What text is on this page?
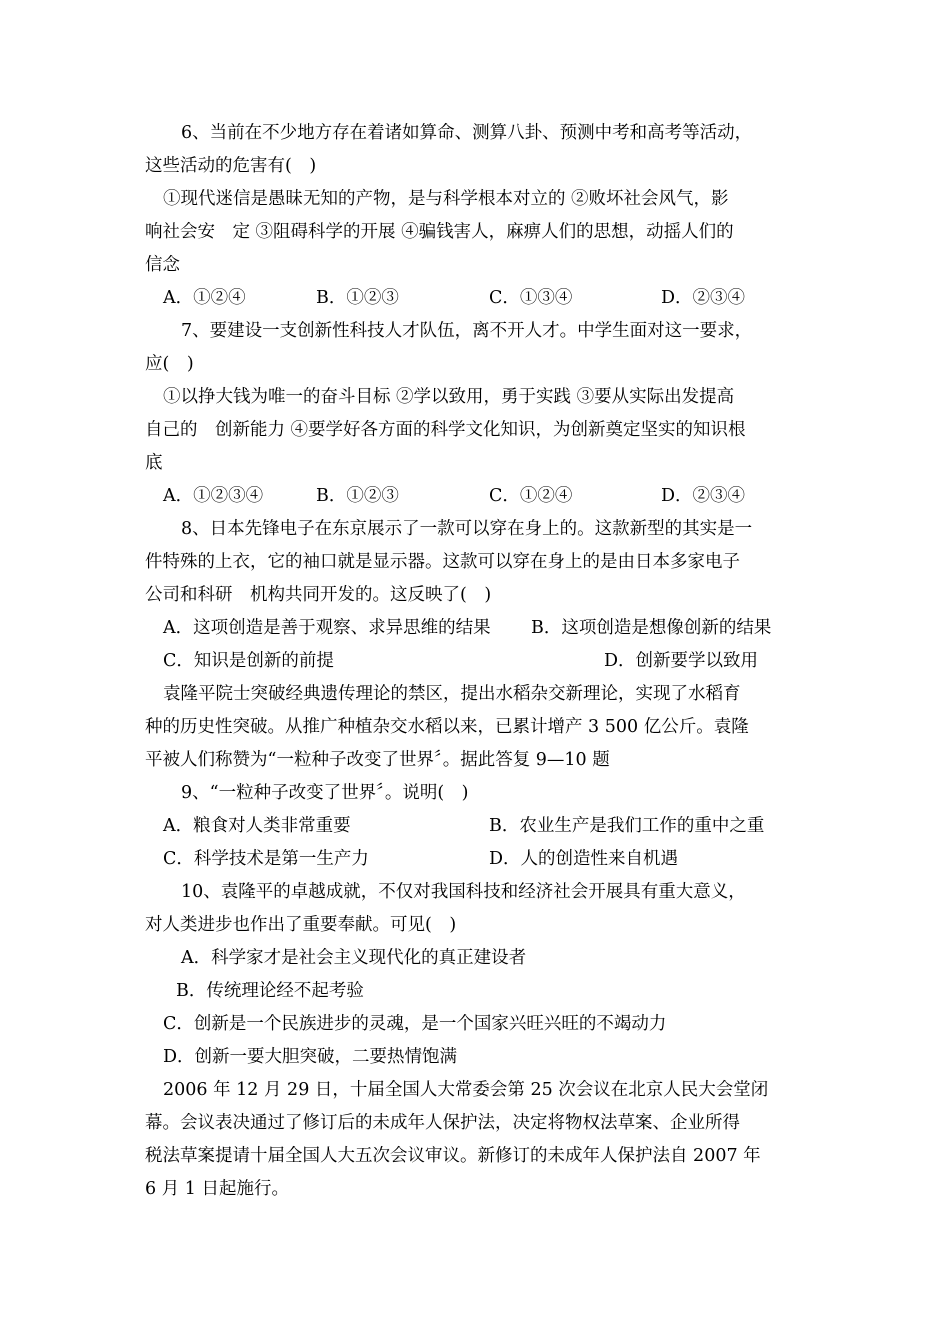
6、当前在不少地方存在着诸如算命、测算八卦、预测中考和高考等活动，
这些活动的危害有(　)
①现代迷信是愚昧无知的产物，是与科学根本对立的 ②败坏社会风气，影
响社会安　定 ③阻碍科学的开展 ④骗钱害人，麻痹人们的思想，动摇人们的
信念
A．①②④	B．①②③	C．①③④	D．②③④
7、要建设一支创新性科技人才队伍，离不开人才。中学生面对这一要求，
应(　)
①以挣大钱为唯一的奋斗目标 ②学以致用，勇于实践 ③要从实际出发提高
自己的　创新能力 ④要学好各方面的科学文化知识，为创新奠定坚实的知识根
底
A．①②③④	B．①②③	C．①②④	D．②③④
8、日本先锋电子在东京展示了一款可以穿在身上的。这款新型的其实是一
件特殊的上衣，它的袖口就是显示器。这款可以穿在身上的是由日本多家电子
公司和科研　机构共同开发的。这反映了(　)
A．这项创造是善于观察、求异思维的结果 B．这项创造是想像创新的结果
C．知识是创新的前提	D．创新要学以致用
袁隆平院士突破经典遗传理论的禁区，提出水稻杂交新理论，实现了水稻育
种的历史性突破。从推广种植杂交水稻以来，已累计增产 3 500 亿公斤。袁隆
平被人们称赞为“一粒种子改变了世界〞。据此答复 9—10 题
9、“一粒种子改变了世界〞。说明(　)
A．粮食对人类非常重要	B．农业生产是我们工作的重中之重
C．科学技术是第一生产力	D．人的创造性来自机遇
10、袁隆平的卓越成就，不仅对我国科技和经济社会开展具有重大意义，
对人类进步也作出了重要奉献。可见(　)
A．科学家才是社会主义现代化的真正建设者
B．传统理论经不起考验
C．创新是一个民族进步的灵魂，是一个国家兴旺兴旺的不竭动力
D．创新一要大胆突破，二要热情饱满
2006 年 12 月 29 日，十届全国人大常委会第 25 次会议在北京人民大会堂闭
幕。会议表决通过了修订后的未成年人保护法，决定将物权法草案、企业所得
税法草案提请十届全国人大五次会议审议。新修订的未成年人保护法自 2007 年
6 月 1 日起施行。
